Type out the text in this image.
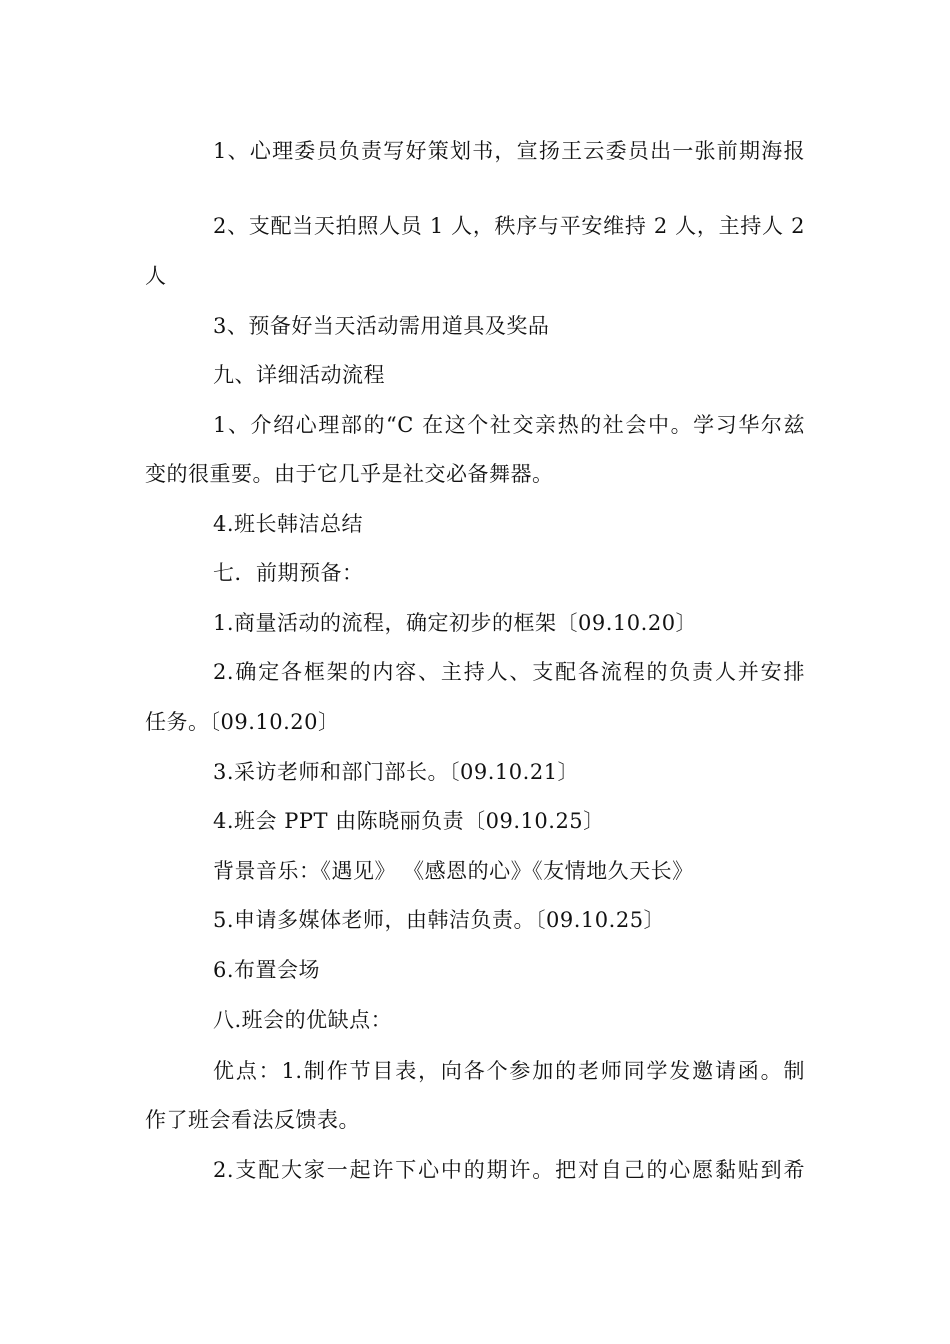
1、心理委员负责写好策划书，宣扬王云委员出一张前期海报
2、支配当天拍照人员 1 人，秩序与平安维持 2 人，主持人 2
人
3、预备好当天活动需用道具及奖品
九、详细活动流程
1、介绍心理部的“C 在这个社交亲热的社会中。学习华尔兹
变的很重要。由于它几乎是社交必备舞器。
4.班长韩洁总结
七．前期预备：
1.商量活动的流程，确定初步的框架〔09.10.20〕
2.确定各框架的内容、主持人、支配各流程的负责人并安排
任务。〔09.10.20〕
3.采访老师和部门部长。〔09.10.21〕
4.班会 PPT 由陈晓丽负责〔09.10.25〕
背景音乐：《遇见》 《感恩的心》《友情地久天长》
5.申请多媒体老师，由韩洁负责。〔09.10.25〕
6.布置会场
八.班会的优缺点：
优点：1.制作节目表，向各个参加的老师同学发邀请函。制
作了班会看法反馈表。
2.支配大家一起许下心中的期许。把对自己的心愿黏贴到希
